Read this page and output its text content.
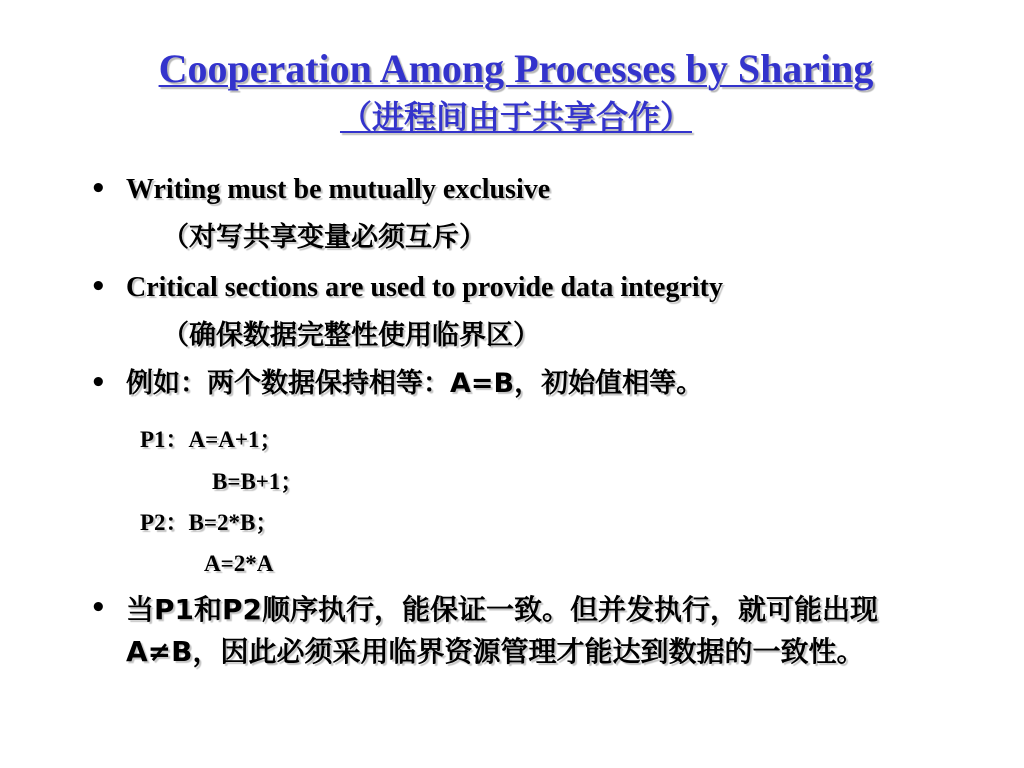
Cooperation Among Processes by Sharing
（进程间由于共享合作）
• Writing must be mutually exclusive
（对写共享变量必须互斥）
• Critical sections are used to provide data integrity
（确保数据完整性使用临界区）
• 例如：两个数据保持相等：A=B，初始值相等。
P1：A=A+1；
B=B+1；
P2：B=2*B；
A=2*A
• 当P1和P2顺序执行，能保证一致。但并发执行，就可能出现A≠B，因此必须采用临界资源管理才能达到数据的一致性。
